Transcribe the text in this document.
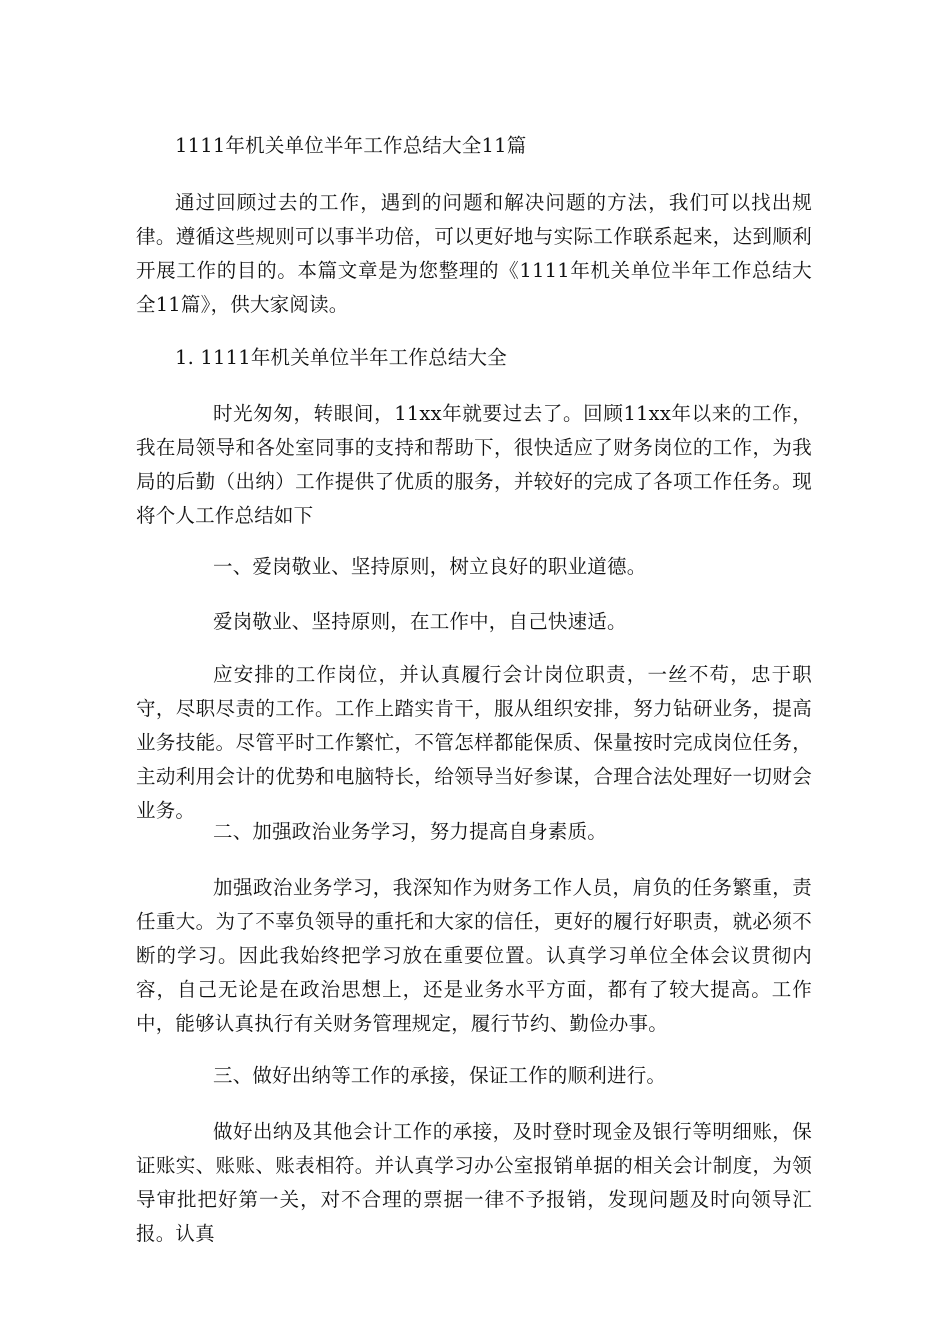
1111年机关单位半年工作总结大全11篇

通过回顾过去的工作，遇到的问题和解决问题的方法，我们可以找出规律。遵循这些规则可以事半功倍，可以更好地与实际工作联系起来，达到顺利开展工作的目的。本篇文章是为您整理的《1111年机关单位半年工作总结大全11篇》，供大家阅读。

1. 1111年机关单位半年工作总结大全

时光匆匆，转眼间，11xx年就要过去了。回顾11xx年以来的工作，我在局领导和各处室同事的支持和帮助下，很快适应了财务岗位的工作，为我局的后勤（出纳）工作提供了优质的服务，并较好的完成了各项工作任务。现将个人工作总结如下

一、爱岗敬业、坚持原则，树立良好的职业道德。

爱岗敬业、坚持原则，在工作中，自己快速适。

应安排的工作岗位，并认真履行会计岗位职责，一丝不苟，忠于职守，尽职尽责的工作。工作上踏实肯干，服从组织安排，努力钻研业务，提高业务技能。尽管平时工作繁忙，不管怎样都能保质、保量按时完成岗位任务，主动利用会计的优势和电脑特长，给领导当好参谋，合理合法处理好一切财会业务。

二、加强政治业务学习，努力提高自身素质。

加强政治业务学习，我深知作为财务工作人员，肩负的任务繁重，责任重大。为了不辜负领导的重托和大家的信任，更好的履行好职责，就必须不断的学习。因此我始终把学习放在重要位置。认真学习单位全体会议贯彻内容，自己无论是在政治思想上，还是业务水平方面，都有了较大提高。工作中，能够认真执行有关财务管理规定，履行节约、勤俭办事。

三、做好出纳等工作的承接，保证工作的顺利进行。

做好出纳及其他会计工作的承接，及时登时现金及银行等明细账，保证账实、账账、账表相符。并认真学习办公室报销单据的相关会计制度，为领导审批把好第一关，对不合理的票据一律不予报销，发现问题及时向领导汇报。认真
